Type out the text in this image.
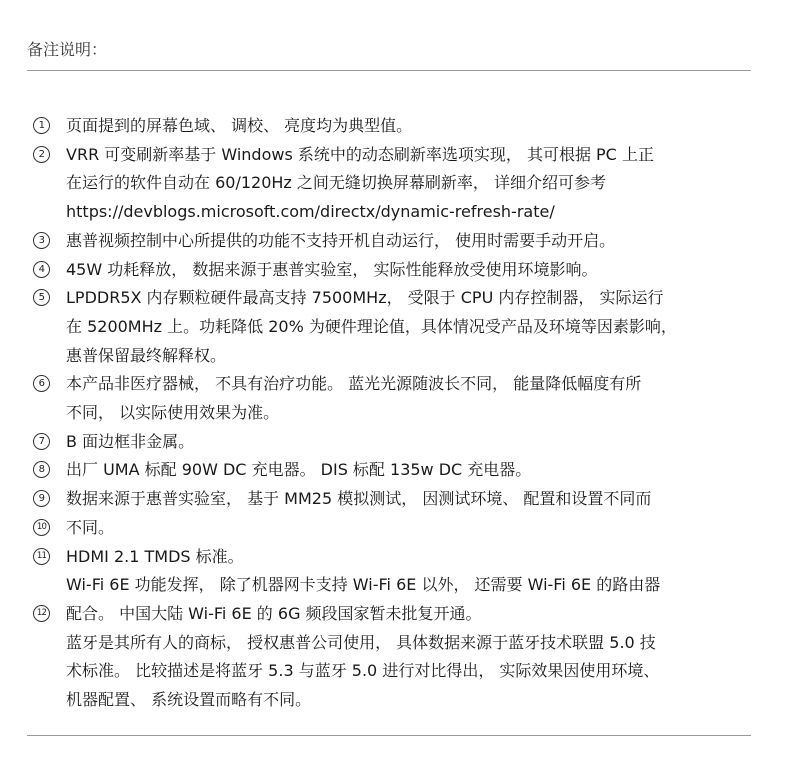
备注说明：
1	页面提到的屏幕色域、 调校、 亮度均为典型值。
2	VRR 可变刷新率基于 Windows 系统中的动态刷新率选项实现， 其可根据 PC 上正
在运行的软件自动在 60/120Hz 之间无缝切换屏幕刷新率， 详细介绍可参考
https://devblogs.microsoft.com/directx/dynamic-refresh-rate/
3	惠普视频控制中心所提供的功能不支持开机自动运行， 使用时需要手动开启。
4	45W 功耗释放， 数据来源于惠普实验室， 实际性能释放受使用环境影响。
5	LPDDR5X 内存颗粒硬件最高支持 7500MHz， 受限于 CPU 内存控制器， 实际运行
在 5200MHz 上。功耗降低 20% 为硬件理论值，具体情况受产品及环境等因素影响，
惠普保留最终解释权。
6	本产品非医疗器械， 不具有治疗功能。 蓝光光源随波长不同， 能量降低幅度有所
不同， 以实际使用效果为准。
7	B 面边框非金属。
8	出厂 UMA 标配 90W DC 充电器。 DIS 标配 135w DC 充电器。
9	数据来源于惠普实验室， 基于 MM25 模拟测试， 因测试环境、 配置和设置不同而
10 不同。
11 HDMI 2.1 TMDS 标准。
Wi-Fi 6E 功能发挥， 除了机器网卡支持 Wi-Fi 6E 以外， 还需要 Wi-Fi 6E 的路由器
12 配合。 中国大陆 Wi-Fi 6E 的 6G 频段国家暂未批复开通。
蓝牙是其所有人的商标， 授权惠普公司使用， 具体数据来源于蓝牙技术联盟 5.0 技
术标准。 比较描述是将蓝牙 5.3 与蓝牙 5.0 进行对比得出， 实际效果因使用环境、
机器配置、 系统设置而略有不同。
